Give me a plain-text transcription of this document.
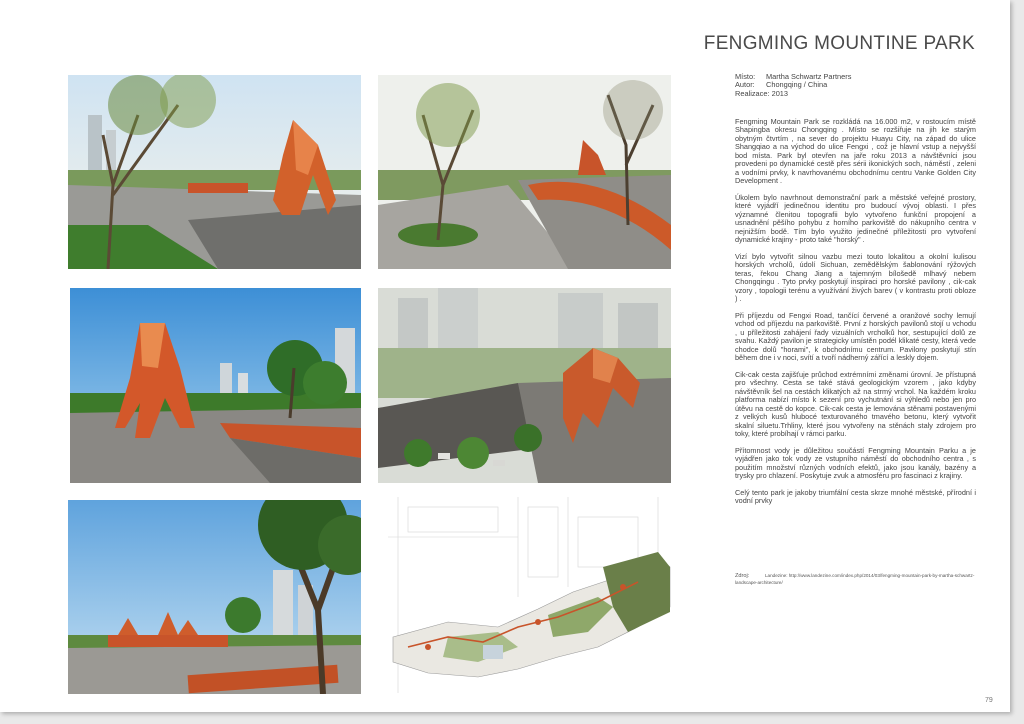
FENGMING MOUNTINE PARK
Místo: Martha Schwartz Partners
Autor: Chongqing / China
Realizace: 2013

Fengming Mountain Park se rozkládá na 16.000 m2, v rostoucím místě Shapingba okresu Chongqing . Místo se rozšiřuje na jih ke starým obytným čtvrtím , na sever do projektu Huayu City, na západ do ulice Shangqiao a na východ do ulice Fengxi , což je hlavní vstup a nejvyšší bod místa. Park byl otevřen na jaře roku 2013 a návštěvníci jsou provedeni po dynamické cestě přes sérii ikonických soch, náměstí , zeleni a vodními prvky, k navrhovanému obchodnímu centru Vanke Golden City Development .

Úkolem bylo navrhnout demonstrační park a městské veřejné prostory, které vyjádří jedinečnou identitu pro budoucí vývoj oblasti. I přes významné členitou topografii bylo vytvořeno funkční propojení a usnadnění pěšího pohybu z horního parkoviště do nákupního centra v nejnižším bodě. Tím bylo využito jedinečné příležitosti pro vytvoření dynamické krajiny - proto také "horský" .

Vizí bylo vytvořit silnou vazbu mezi touto lokalitou a okolní kulisou horských vrcholů, údolí Sichuan, zemědělským šablonování rýžových teras, řekou Chang Jiang a tajemným bílošedě mlhavý nebem Chongqingu . Tyto prvky poskytují inspiraci pro horské pavilony , cik-cak vzory , topologii terénu a využívání živých barev ( v kontrastu proti obloze ) .

Při příjezdu od Fengxi Road, tančící červené a oranžové sochy lemují vchod od příjezdu na parkoviště. První z horských pavilonů stojí u vchodu , u příležitosti zahájení řady vizuálních vrcholků hor, sestupující dolů ze svahu. Každý pavilon je strategicky umístěn podél klikaté cesty, která vede chodce dolů "horami", k obchodnímu centrum. Pavilony poskytují stín během dne i v noci, svítí a tvoří nádherný zářící a leskly dojem.

Cik-cak cesta zajišťuje průchod extrémními změnami úrovní. Je přístupná pro všechny. Cesta se také stává geologickým vzorem , jako kdyby návštěvník šel na cestách klikatých až na strmý vrchol. Na každém kroku platforma nabízí místo k sezení pro vychutnání si výhledů nebo jen pro útěvu na cestě do kopce. Cik-cak cesta je lemována stěnami postavenými z velkých kusů hlubocé texturovaného tmavého betonu, který vytvořit skalní siluetu.Trhliny, které jsou vytvořeny na stěnách staly zdrojem pro toky, které probíhají v rámci parku.

Přítomnost vody je důležitou součástí Fengming Mountain Parku a je vyjádřen jako tok vody ze vstupního náměstí do obchodního centra , s použitím množství různých vodních efektů, jako jsou kanály, bazény a trysky pro chlazení. Poskytuje zvuk a atmosféru pro fascinaci z krajiny.

Celý tento park je jakoby triumfální cesta skrze mnohé městské, přírodní i vodní prvky

Zdroj:	Landezine: http://www.landezine.com/index.php/2014/03/fengming-mountain-park-by-martha-schwartz-landscape-architecture/
79
